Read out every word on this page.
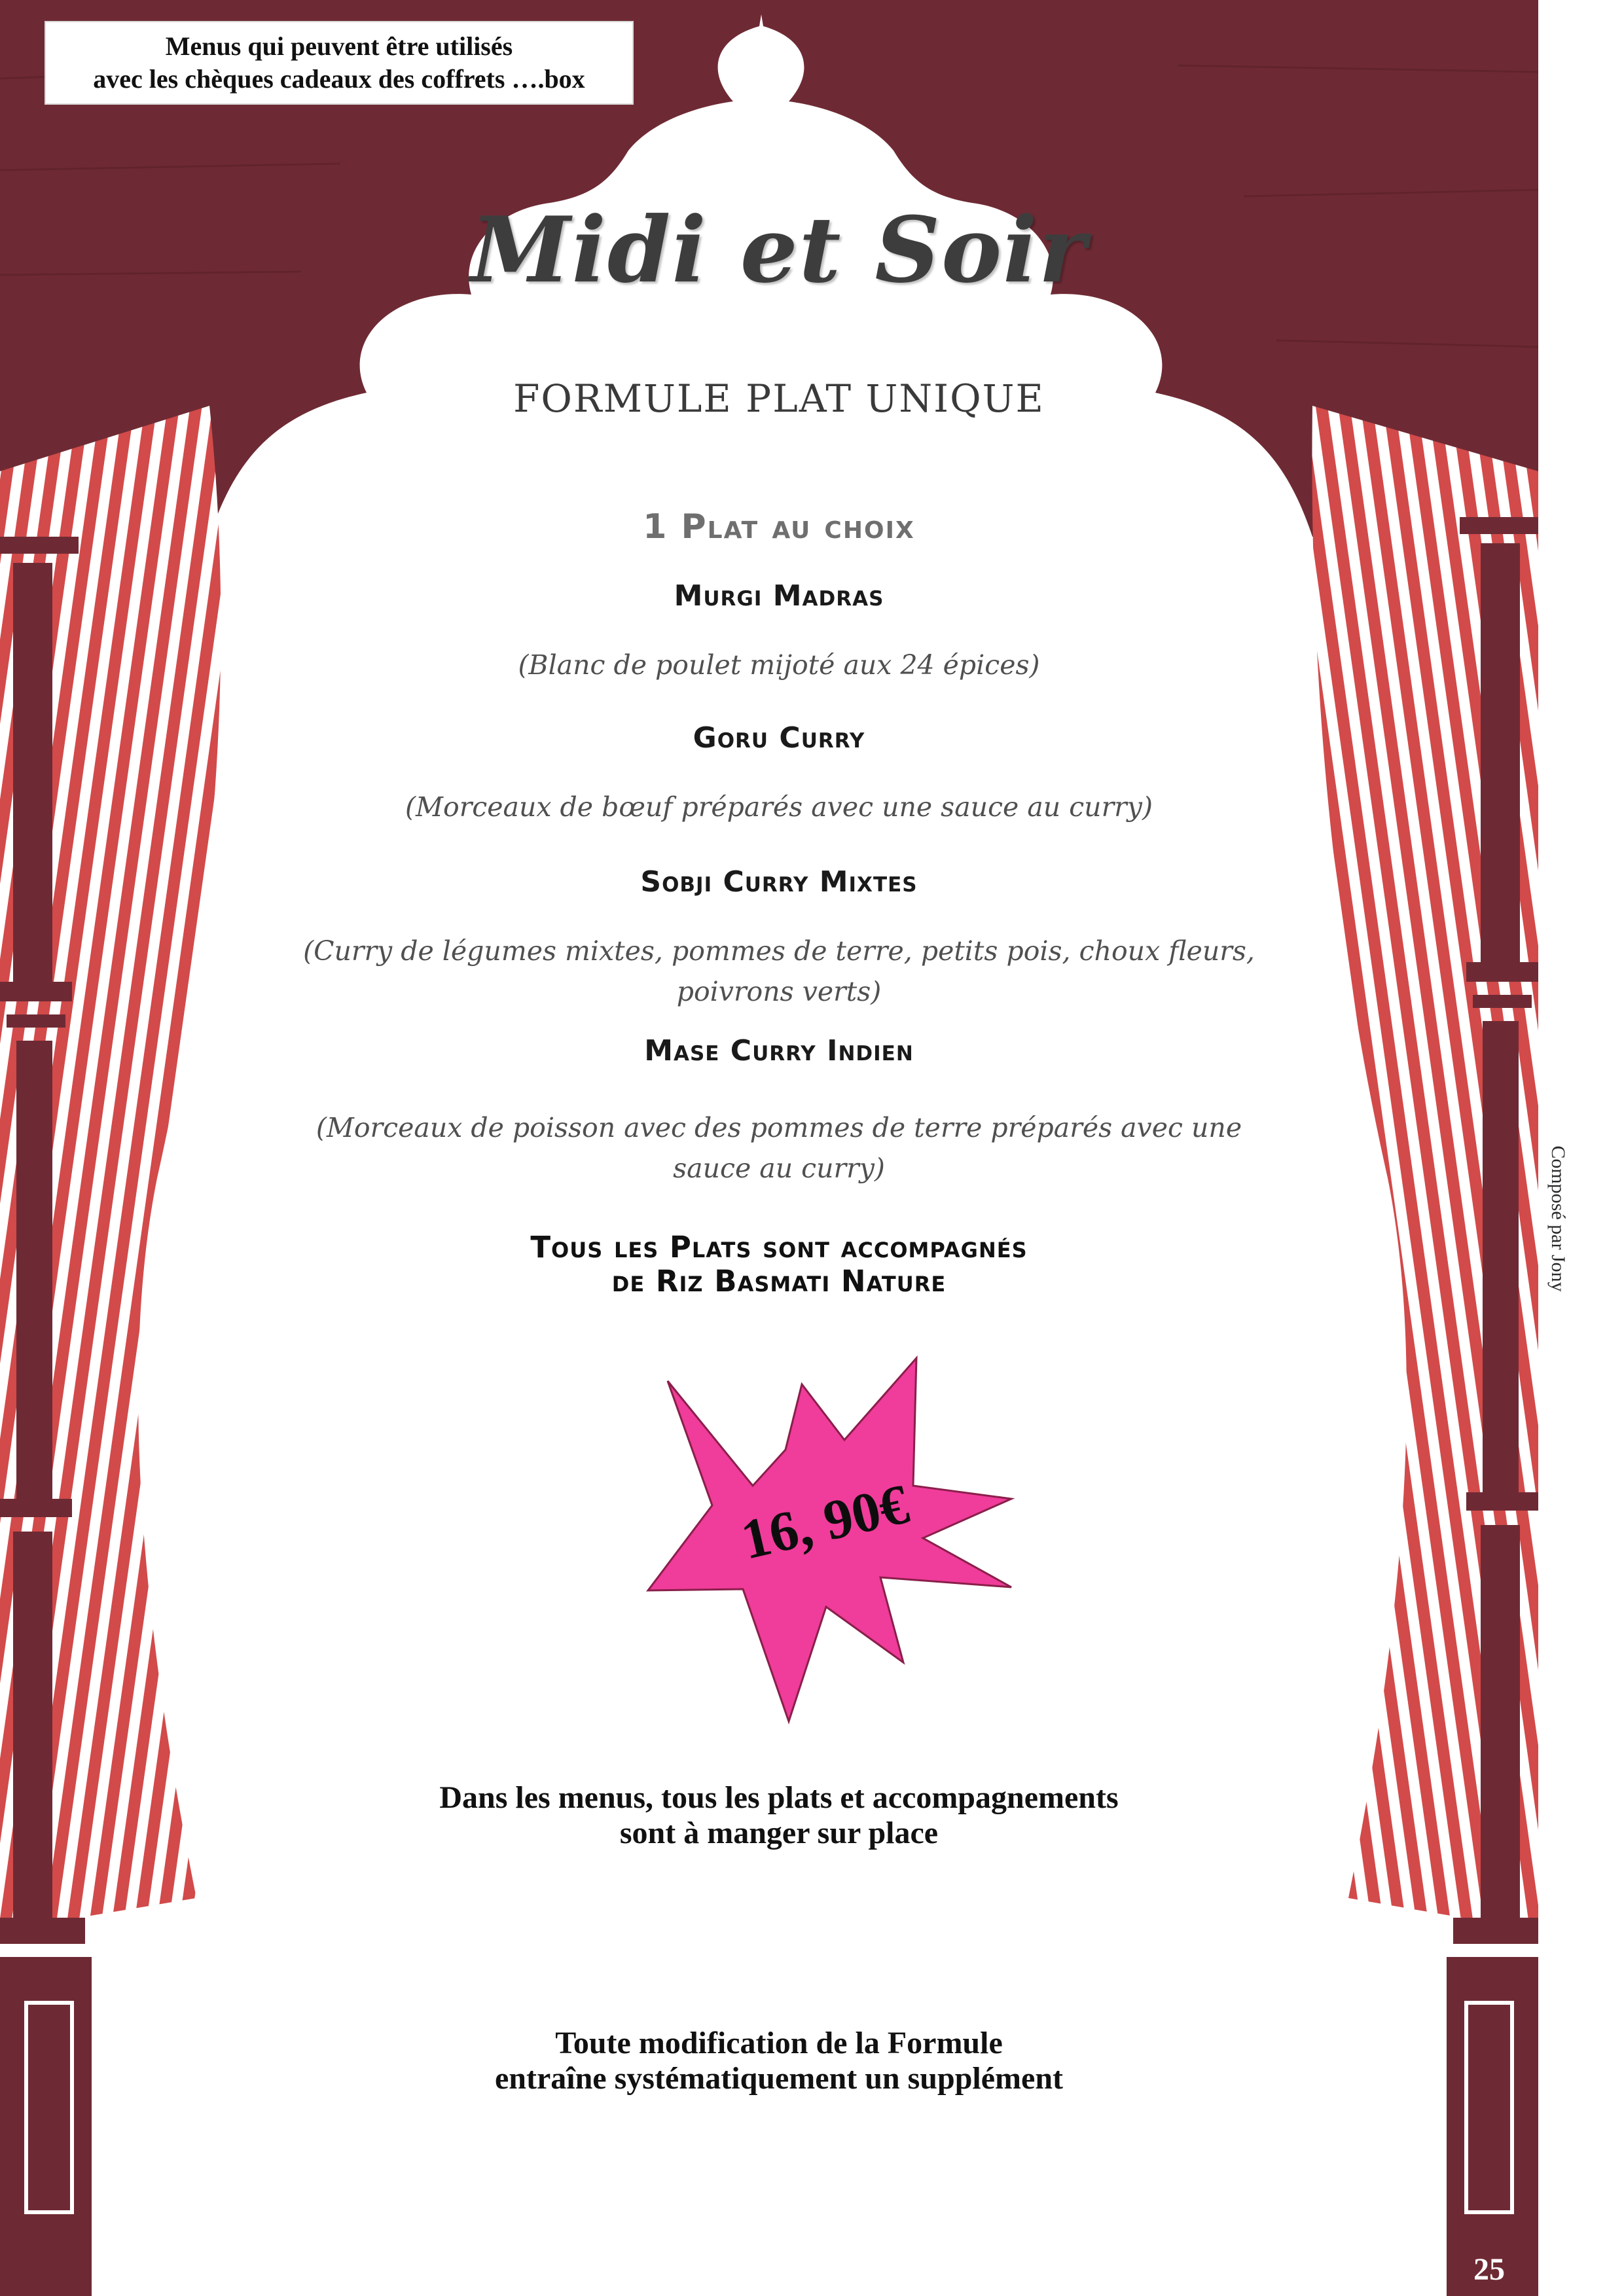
Menus qui peuvent être utilisés
avec les chèques cadeaux des coffrets ….box
Midi et Soir
FORMULE PLAT UNIQUE
1 Plat au choix
Murgi Madras
(Blanc de poulet mijoté aux 24 épices)
Goru Curry
(Morceaux de bœuf préparés avec une sauce au curry)
Sobji Curry Mixtes
(Curry de légumes mixtes, pommes de terre, petits pois, choux fleurs,
poivrons verts)
Mase Curry Indien
(Morceaux de poisson avec des pommes de terre préparés avec une
sauce au curry)
Tous les Plats sont accompagnés
de Riz Basmati Nature
16, 90€
Dans les menus, tous les plats et accompagnements
sont à manger sur place
Toute modification de la Formule
entraîne systématiquement un supplément
Composé par Jony
25
